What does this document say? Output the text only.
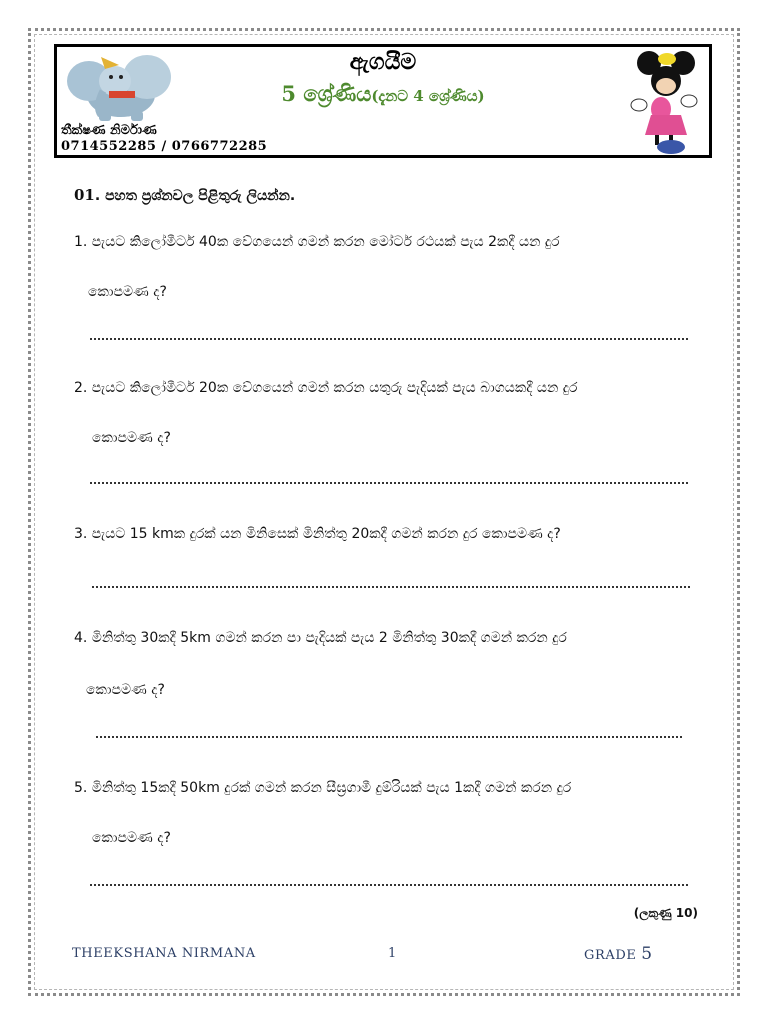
ඇගයීම
5 ශ්‍රේණිය(දැනට 4 ශ්‍රේණිය)
තීක්ෂණ නිර්මාණ
0714552285 / 0766772285
01. පහත ප්‍රශ්නවල පිළිතුරු ලියන්න.
1. පැයට කිලෝමීටර් 40ක වේගයෙන් ගමන් කරන මෝටර් රථයක් පැය 2කදී යන දුර
කොපමණ ද?
2. පැයට කිලෝමීටර් 20ක වේගයෙන් ගමන් කරන යතුරු පැදියක් පැය බාගයකදී යන දුර
කොපමණ ද?
3. පැයට 15 kmක දුරක් යන මිනිසෙක් මිනිත්තු 20කදී ගමන් කරන දුර කොපමණ ද?
4. මිනිත්තු 30කදී 5km ගමන් කරන පා පැදියක් පැය 2 මිනිත්තු 30කදී ගමන් කරන දුර
කොපමණ ද?
5. මිනිත්තු 15කදී 50km දුරක් ගමන් කරන සීඝ්‍රගාමී දුම්රියක් පැය 1කදී ගමන් කරන දුර
කොපමණ ද?
(ලකුණු 10)
THEEKSHANA NIRMANA	1	GRADE 5
